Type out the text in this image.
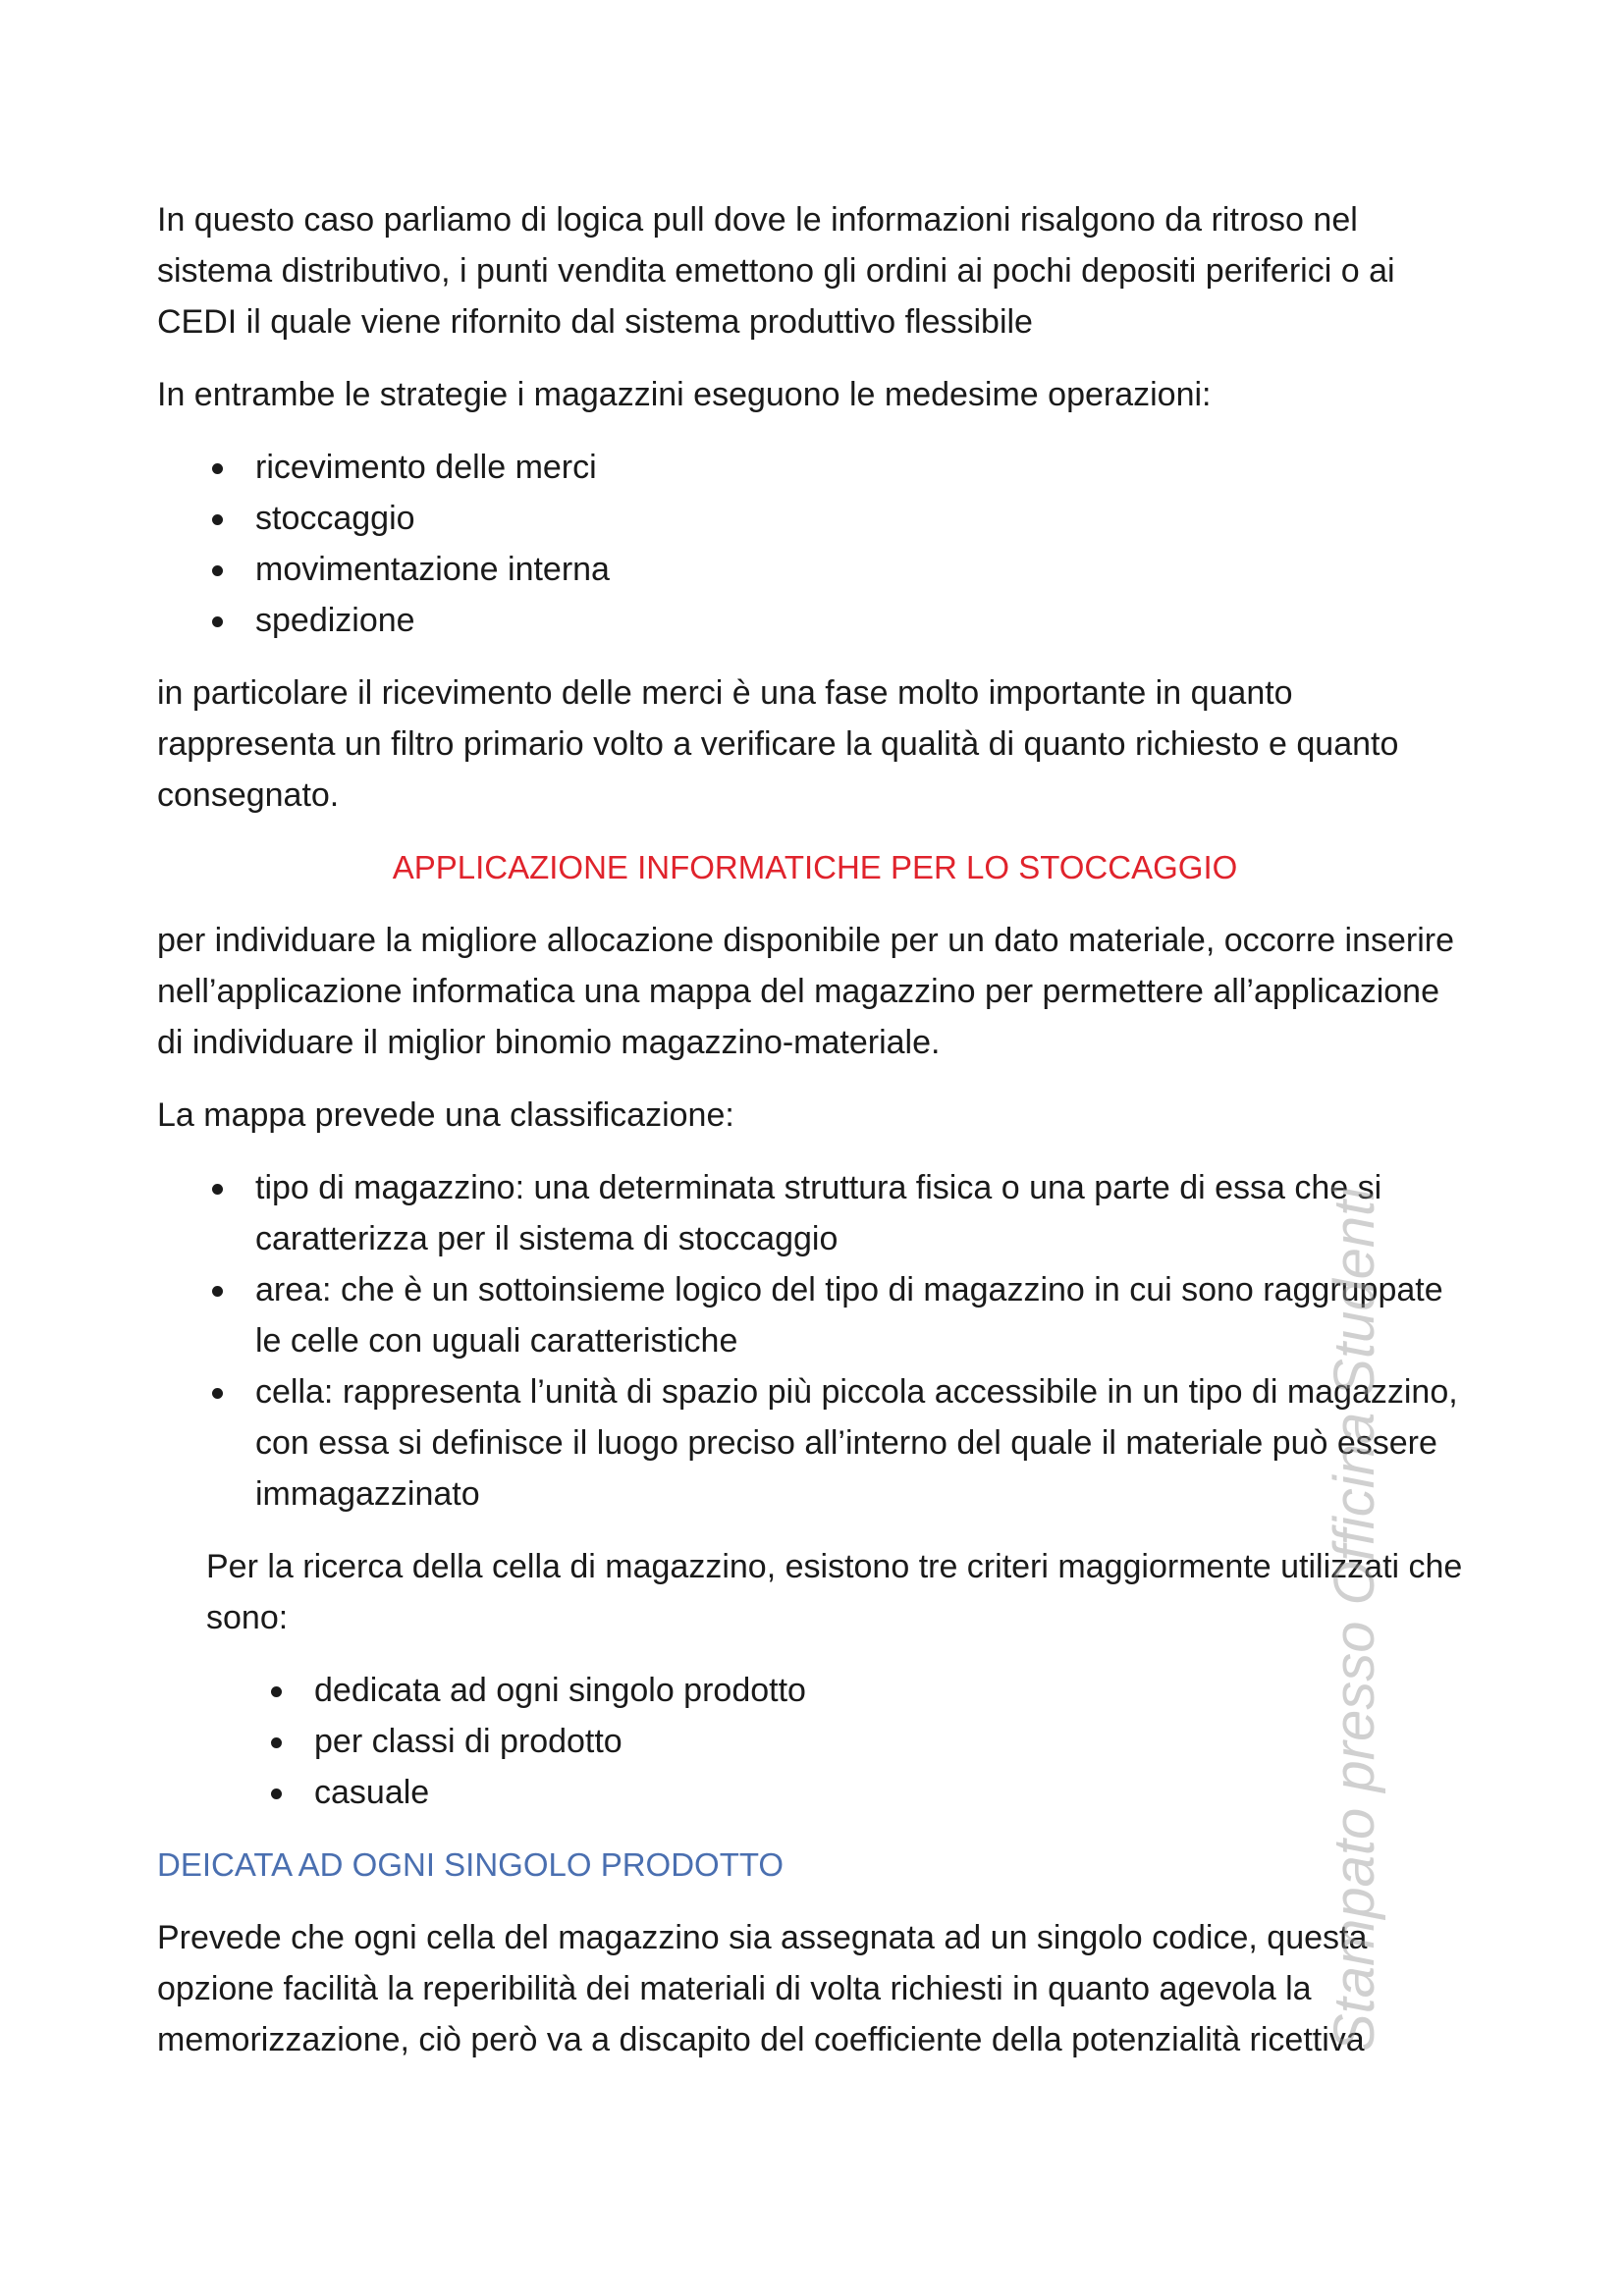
In questo caso parliamo di logica pull dove le informazioni risalgono da ritroso nel sistema distributivo, i punti vendita emettono gli ordini ai pochi depositi periferici o ai CEDI il quale viene rifornito dal sistema produttivo flessibile

In entrambe le strategie i magazzini eseguono le medesime operazioni:

ricevimento delle merci
stoccaggio
movimentazione interna
spedizione

in particolare il ricevimento delle merci è una fase molto importante in quanto rappresenta un filtro primario volto a verificare la qualità di quanto richiesto e quanto consegnato.

APPLICAZIONE INFORMATICHE PER LO STOCCAGGIO

per individuare la migliore allocazione disponibile per un dato materiale, occorre inserire nell’applicazione informatica una mappa del magazzino per permettere all’applicazione di individuare il miglior binomio magazzino-materiale.

La mappa prevede una classificazione:

tipo di magazzino: una determinata struttura fisica o una parte di essa che si caratterizza per il sistema di stoccaggio
area: che è un sottoinsieme logico del tipo di magazzino in cui sono raggruppate le celle con uguali caratteristiche
cella: rappresenta l’unità di spazio più piccola accessibile in un tipo di magazzino, con essa si definisce il luogo preciso all’interno del quale il materiale può essere immagazzinato

Per la ricerca della cella di magazzino, esistono tre criteri maggiormente utilizzati che sono:

dedicata ad ogni singolo prodotto
per classi di prodotto
casuale
DEICATA AD OGNI SINGOLO PRODOTTO

Prevede che ogni cella del magazzino sia assegnata ad un singolo codice, questa opzione facilità la reperibilità dei materiali di volta richiesti in quanto agevola la memorizzazione, ciò però va a discapito del coefficiente della potenzialità ricettiva

Stampato presso Officina Studenti
